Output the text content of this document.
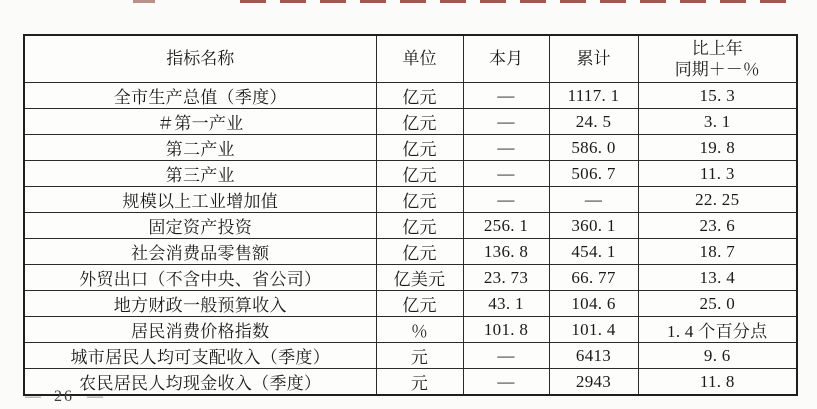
指标名称	单位	本月	累计	比上年
同期＋－％
全市生产总值（季度）	亿元	—	1117. 1	15. 3
＃第一产业	亿元	—	24. 5	3. 1
第二产业	亿元	—	586. 0	19. 8
第三产业	亿元	—	506. 7	11. 3
规模以上工业增加值	亿元	—	—	22. 25
固定资产投资	亿元	256. 1	360. 1	23. 6
社会消费品零售额	亿元	136. 8	454. 1	18. 7
外贸出口（不含中央、省公司）	亿美元	23. 73	66. 77	13. 4
地方财政一般预算收入	亿元	43. 1	104. 6	25. 0
居民消费价格指数	％	101. 8	101. 4	1. 4 个百分点
城市居民人均可支配收入（季度）	元	—	6413	9. 6
农民居民人均现金收入（季度）	元	—	2943	11. 8
— 26 —
